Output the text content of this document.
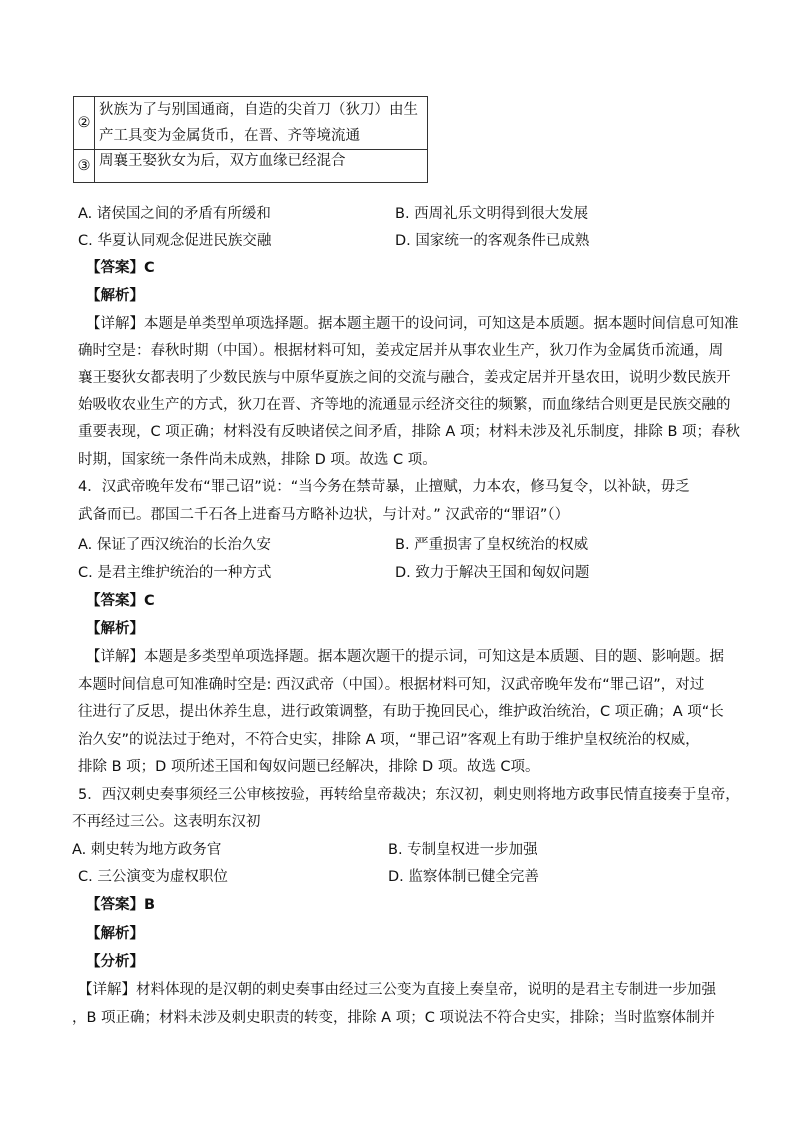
②	狄族为了与别国通商，自造的尖首刀（狄刀）由生
产工具变为金属货币，在晋、齐等境流通

③	周襄王娶狄女为后，双方血缘已经混合
A. 诸侯国之间的矛盾有所缓和	B. 西周礼乐文明得到很大发展
C. 华夏认同观念促进民族交融	D. 国家统一的客观条件已成熟
【答案】C
【解析】
【详解】本题是单类型单项选择题。据本题主题干的设问词，可知这是本质题。据本题时间信息可知准
确时空是：春秋时期（中国）。根据材料可知，姜戎定居并从事农业生产，狄刀作为金属货币流通，周
襄王娶狄女都表明了少数民族与中原华夏族之间的交流与融合，姜戎定居并开垦农田，说明少数民族开
始吸收农业生产的方式，狄刀在晋、齐等地的流通显示经济交往的频繁，而血缘结合则更是民族交融的
重要表现，C 项正确；材料没有反映诸侯之间矛盾，排除 A 项；材料未涉及礼乐制度，排除 B 项；春秋
时期，国家统一条件尚未成熟，排除 D 项。故选 C 项。
4．汉武帝晚年发布“罪己诏”说：“当今务在禁苛暴，止擅赋，力本农，修马复令，以补缺，毋乏
武备而已。郡国二千石各上进畜马方略补边状，与计对。” 汉武帝的“罪诏”（）
A. 保证了西汉统治的长治久安	B. 严重损害了皇权统治的权威
C. 是君主维护统治的一种方式	D. 致力于解决王国和匈奴问题
【答案】C
【解析】
【详解】本题是多类型单项选择题。据本题次题干的提示词，可知这是本质题、目的题、影响题。据
本题时间信息可知准确时空是: 西汉武帝（中国）。根据材料可知，汉武帝晚年发布“罪己诏”，对过
往进行了反思，提出休养生息，进行政策调整，有助于挽回民心，维护政治统治，C 项正确；A 项“长
治久安”的说法过于绝对，不符合史实，排除 A 项，“罪己诏”客观上有助于维护皇权统治的权威，
排除 B 项；D 项所述王国和匈奴问题已经解决，排除 D 项。故选 C项。
5．西汉刺史奏事须经三公审核按验，再转给皇帝裁决；东汉初，刺史则将地方政事民情直接奏于皇帝，
不再经过三公。这表明东汉初
A. 刺史转为地方政务官	B. 专制皇权进一步加强
C. 三公演变为虚权职位	D. 监察体制已健全完善
【答案】B
【解析】
【分析】
【详解】材料体现的是汉朝的刺史奏事由经过三公变为直接上奏皇帝，说明的是君主专制进一步加强
，B 项正确；材料未涉及刺史职责的转变，排除 A 项；C 项说法不符合史实，排除；当时监察体制并
